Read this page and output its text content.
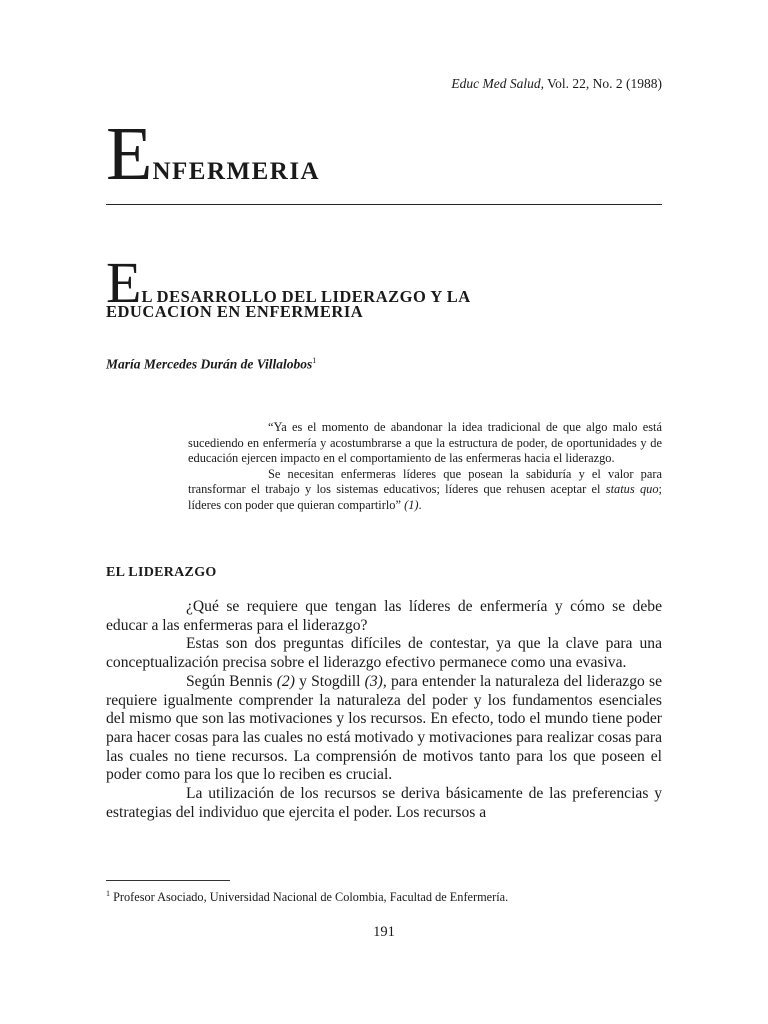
Educ Med Salud, Vol. 22, No. 2 (1988)
ENFERMERIA
EL DESARROLLO DEL LIDERAZGO Y LA
EDUCACION EN ENFERMERIA
María Mercedes Durán de Villalobos$^1$

“Ya es el momento de abandonar la idea tradicional de que algo malo está sucediendo en enfermería y acostumbrarse a que la estructura de poder, de oportunidades y de educación ejercen impacto en el comportamiento de las enfermeras hacia el liderazgo.

Se necesitan enfermeras líderes que posean la sabiduría y el valor para transformar el trabajo y los sistemas educativos; líderes que rehusen aceptar el status quo; líderes con poder que quieran compartirlo” (1).

EL LIDERAZGO

¿Qué se requiere que tengan las líderes de enfermería y cómo se debe educar a las enfermeras para el liderazgo?

Estas son dos preguntas difíciles de contestar, ya que la clave para una conceptualización precisa sobre el liderazgo efectivo permanece como una evasiva.

Según Bennis (2) y Stogdill (3), para entender la naturaleza del liderazgo se requiere igualmente comprender la naturaleza del poder y los fundamentos esenciales del mismo que son las motivaciones y los recursos. En efecto, todo el mundo tiene poder para hacer cosas para las cuales no está motivado y motivaciones para realizar cosas para las cuales no tiene recursos. La comprensión de motivos tanto para los que poseen el poder como para los que lo reciben es crucial.

La utilización de los recursos se deriva básicamente de las preferencias y estrategias del individuo que ejercita el poder. Los recursos a

$^1$ Profesor Asociado, Universidad Nacional de Colombia, Facultad de Enfermería.
191
